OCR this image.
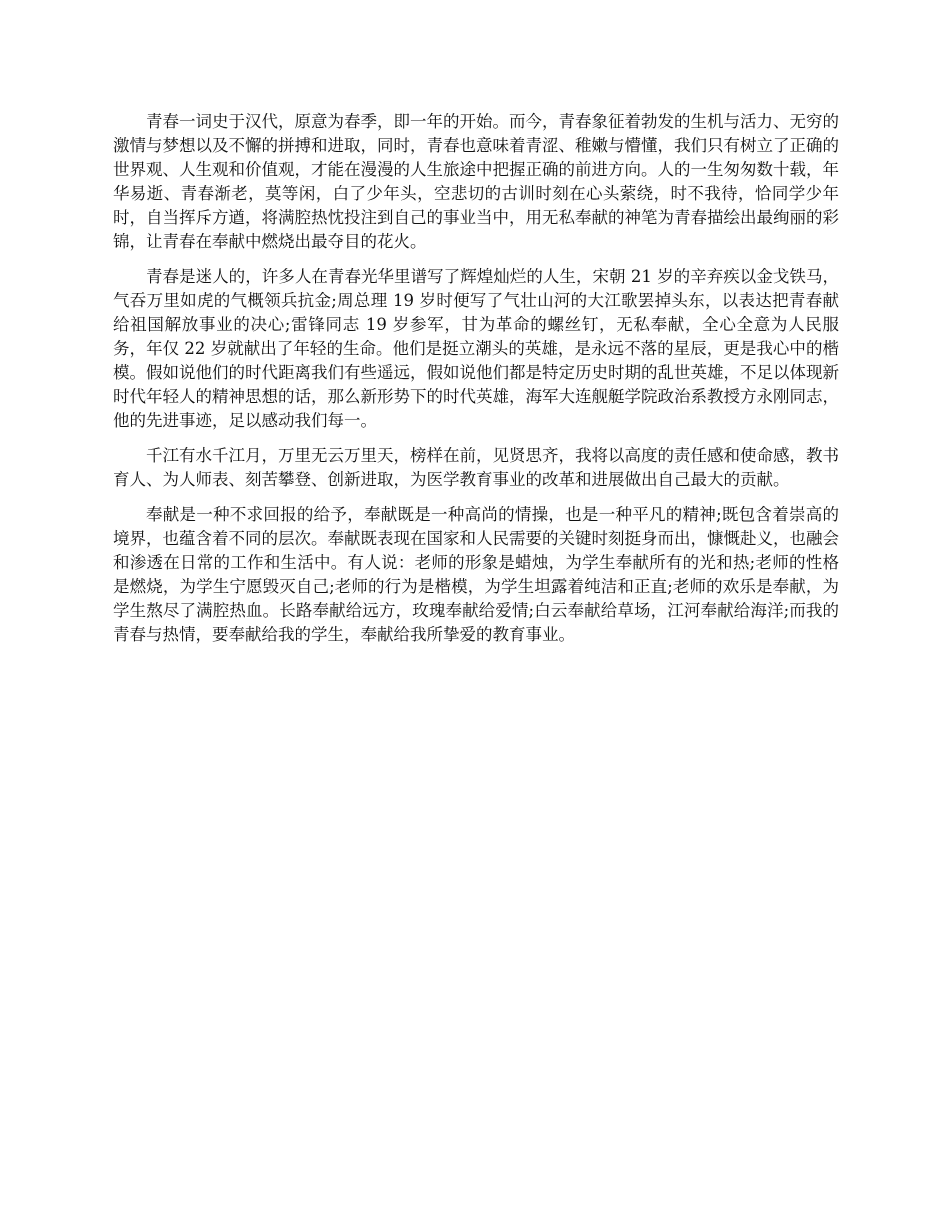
青春一词史于汉代，原意为春季，即一年的开始。而今，青春象征着勃发的生机与活力、无穷的激情与梦想以及不懈的拼搏和进取，同时，青春也意味着青涩、稚嫩与懵懂，我们只有树立了正确的世界观、人生观和价值观，才能在漫漫的人生旅途中把握正确的前进方向。人的一生匆匆数十载，年华易逝、青春渐老，莫等闲，白了少年头，空悲切的古训时刻在心头萦绕，时不我待，恰同学少年时，自当挥斥方遒，将满腔热忱投注到自己的事业当中，用无私奉献的神笔为青春描绘出最绚丽的彩锦，让青春在奉献中燃烧出最夺目的花火。

青春是迷人的，许多人在青春光华里谱写了辉煌灿烂的人生，宋朝 21 岁的辛弃疾以金戈铁马，气吞万里如虎的气概领兵抗金;周总理 19 岁时便写了气壮山河的大江歌罢掉头东，以表达把青春献给祖国解放事业的决心;雷锋同志 19 岁参军，甘为革命的螺丝钉，无私奉献，全心全意为人民服务，年仅 22 岁就献出了年轻的生命。他们是挺立潮头的英雄，是永远不落的星辰，更是我心中的楷模。假如说他们的时代距离我们有些遥远，假如说他们都是特定历史时期的乱世英雄，不足以体现新时代年轻人的精神思想的话，那么新形势下的时代英雄，海军大连舰艇学院政治系教授方永刚同志，他的先进事迹，足以感动我们每一。

千江有水千江月，万里无云万里天，榜样在前，见贤思齐，我将以高度的责任感和使命感，教书育人、为人师表、刻苦攀登、创新进取，为医学教育事业的改革和进展做出自己最大的贡献。

奉献是一种不求回报的给予，奉献既是一种高尚的情操，也是一种平凡的精神;既包含着崇高的境界，也蕴含着不同的层次。奉献既表现在国家和人民需要的关键时刻挺身而出，慷慨赴义，也融会和渗透在日常的工作和生活中。有人说：老师的形象是蜡烛，为学生奉献所有的光和热;老师的性格是燃烧，为学生宁愿毁灭自己;老师的行为是楷模，为学生坦露着纯洁和正直;老师的欢乐是奉献，为学生熬尽了满腔热血。长路奉献给远方，玫瑰奉献给爱情;白云奉献给草场，江河奉献给海洋;而我的青春与热情，要奉献给我的学生，奉献给我所挚爱的教育事业。
